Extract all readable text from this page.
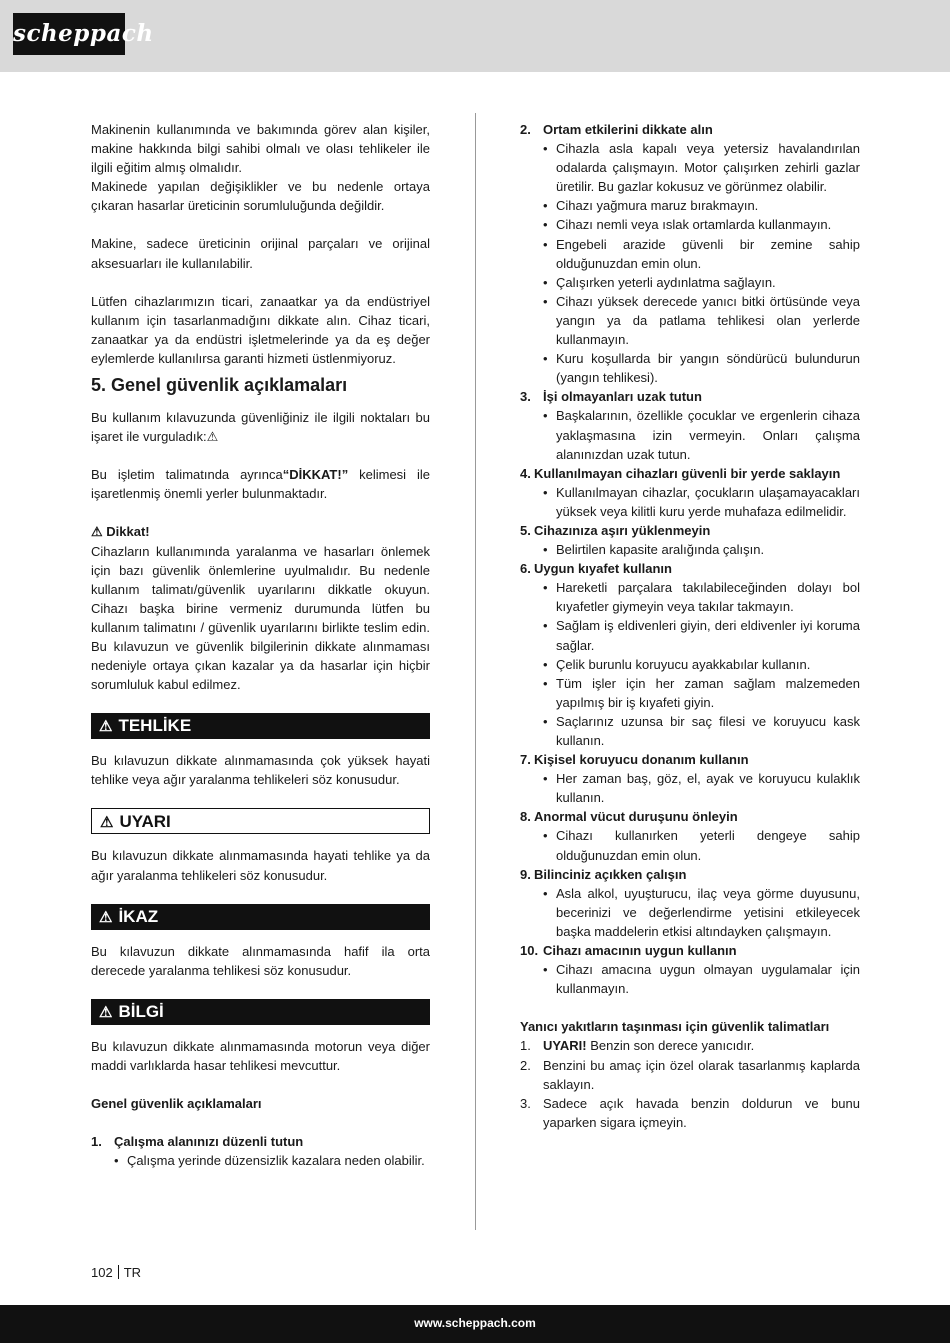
scheppach

Makinenin kullanımında ve bakımında görev alan kişiler, makine hakkında bilgi sahibi olmalı ve olası tehlikeler ile ilgili eğitim almış olmalıdır.

Makinede yapılan değişiklikler ve bu nedenle ortaya çıkaran hasarlar üreticinin sorumluluğunda değildir.

Makine, sadece üreticinin orijinal parçaları ve orijinal aksesuarları ile kullanılabilir.

Lütfen cihazlarımızın ticari, zanaatkar ya da endüstriyel kullanım için tasarlanmadığını dikkate alın. Cihaz ticari, zanaatkar ya da endüstri işletmelerinde ya da eş değer eylemlerde kullanılırsa garanti hizmeti üstlenmiyoruz.

5. Genel güvenlik açıklamaları

Bu kullanım kılavuzunda güvenliğiniz ile ilgili noktaları bu işaret ile vurguladık:⚠

Bu işletim talimatında ayrınca“DİKKAT!” kelimesi ile işaretlenmiş önemli yerler bulunmaktadır.

⚠ Dikkat!

Cihazların kullanımında yaralanma ve hasarları önlemek için bazı güvenlik önlemlerine uyulmalıdır. Bu nedenle kullanım talimatı/güvenlik uyarılarını dikkatle okuyun. Cihazı başka birine vermeniz durumunda lütfen bu kullanım talimatını / güvenlik uyarılarını birlikte teslim edin. Bu kılavuzun ve güvenlik bilgilerinin dikkate alınmaması nedeniyle ortaya çıkan kazalar ya da hasarlar için hiçbir sorumluluk kabul edilmez.

⚠ TEHLİKE

Bu kılavuzun dikkate alınmamasında çok yüksek hayati tehlike veya ağır yaralanma tehlikeleri söz konusudur.

⚠ UYARI

Bu kılavuzun dikkate alınmamasında hayati tehlike ya da ağır yaralanma tehlikeleri söz konusudur.

⚠ İKAZ

Bu kılavuzun dikkate alınmamasında hafif ila orta derecede yaralanma tehlikesi söz konusudur.

⚠ BİLGİ

Bu kılavuzun dikkate alınmamasında motorun veya diğer maddi varlıklarda hasar tehlikesi mevcuttur.

Genel güvenlik açıklamaları
1. Çalışma alanınızı düzenli tutun
• Çalışma yerinde düzensizlik kazalara neden olabilir.
2. Ortam etkilerini dikkate alın
• Cihazla asla kapalı veya yetersiz havalandırılan odalarda çalışmayın. Motor çalışırken zehirli gazlar üretilir. Bu gazlar kokusuz ve görünmez olabilir.
• Cihazı yağmura maruz bırakmayın.
• Cihazı nemli veya ıslak ortamlarda kullanmayın.
• Engebeli arazide güvenli bir zemine sahip olduğunuzdan emin olun.
• Çalışırken yeterli aydınlatma sağlayın.
• Cihazı yüksek derecede yanıcı bitki örtüsünde veya yangın ya da patlama tehlikesi olan yerlerde kullanmayın.
• Kuru koşullarda bir yangın söndürücü bulundurun (yangın tehlikesi).
3. İşi olmayanları uzak tutun
• Başkalarının, özellikle çocuklar ve ergenlerin cihaza yaklaşmasına izin vermeyin. Onları çalışma alanınızdan uzak tutun.
4. Kullanılmayan cihazları güvenli bir yerde saklayın
• Kullanılmayan cihazlar, çocukların ulaşamayacakları yüksek veya kilitli kuru yerde muhafaza edilmelidir.
5. Cihazınıza aşırı yüklenmeyin
• Belirtilen kapasite aralığında çalışın.
6. Uygun kıyafet kullanın
• Hareketli parçalara takılabileceğinden dolayı bol kıyafetler giymeyin veya takılar takmayın.
• Sağlam iş eldivenleri giyin, deri eldivenler iyi koruma sağlar.
• Çelik burunlu koruyucu ayakkabılar kullanın.
• Tüm işler için her zaman sağlam malzemeden yapılmış bir iş kıyafeti giyin.
• Saçlarınız uzunsa bir saç filesi ve koruyucu kask kullanın.
7. Kişisel koruyucu donanım kullanın
• Her zaman baş, göz, el, ayak ve koruyucu kulaklık kullanın.
8. Anormal vücut duruşunu önleyin
• Cihazı kullanırken yeterli dengeye sahip olduğunuzdan emin olun.
9. Bilinciniz açıkken çalışın
• Asla alkol, uyuşturucu, ilaç veya görme duyusunu, becerinizi ve değerlendirme yetisini etkileyecek başka maddelerin etkisi altındayken çalışmayın.
10. Cihazı amacının uygun kullanın
• Cihazı amacına uygun olmayan uygulamalar için kullanmayın.
Yanıcı yakıtların taşınması için güvenlik talimatları
1. UYARI! Benzin son derece yanıcıdır.
2. Benzini bu amaç için özel olarak tasarlanmış kaplarda saklayın.
3. Sadece açık havada benzin doldurun ve bunu yaparken sigara içmeyin.
102 TR
www.scheppach.com
